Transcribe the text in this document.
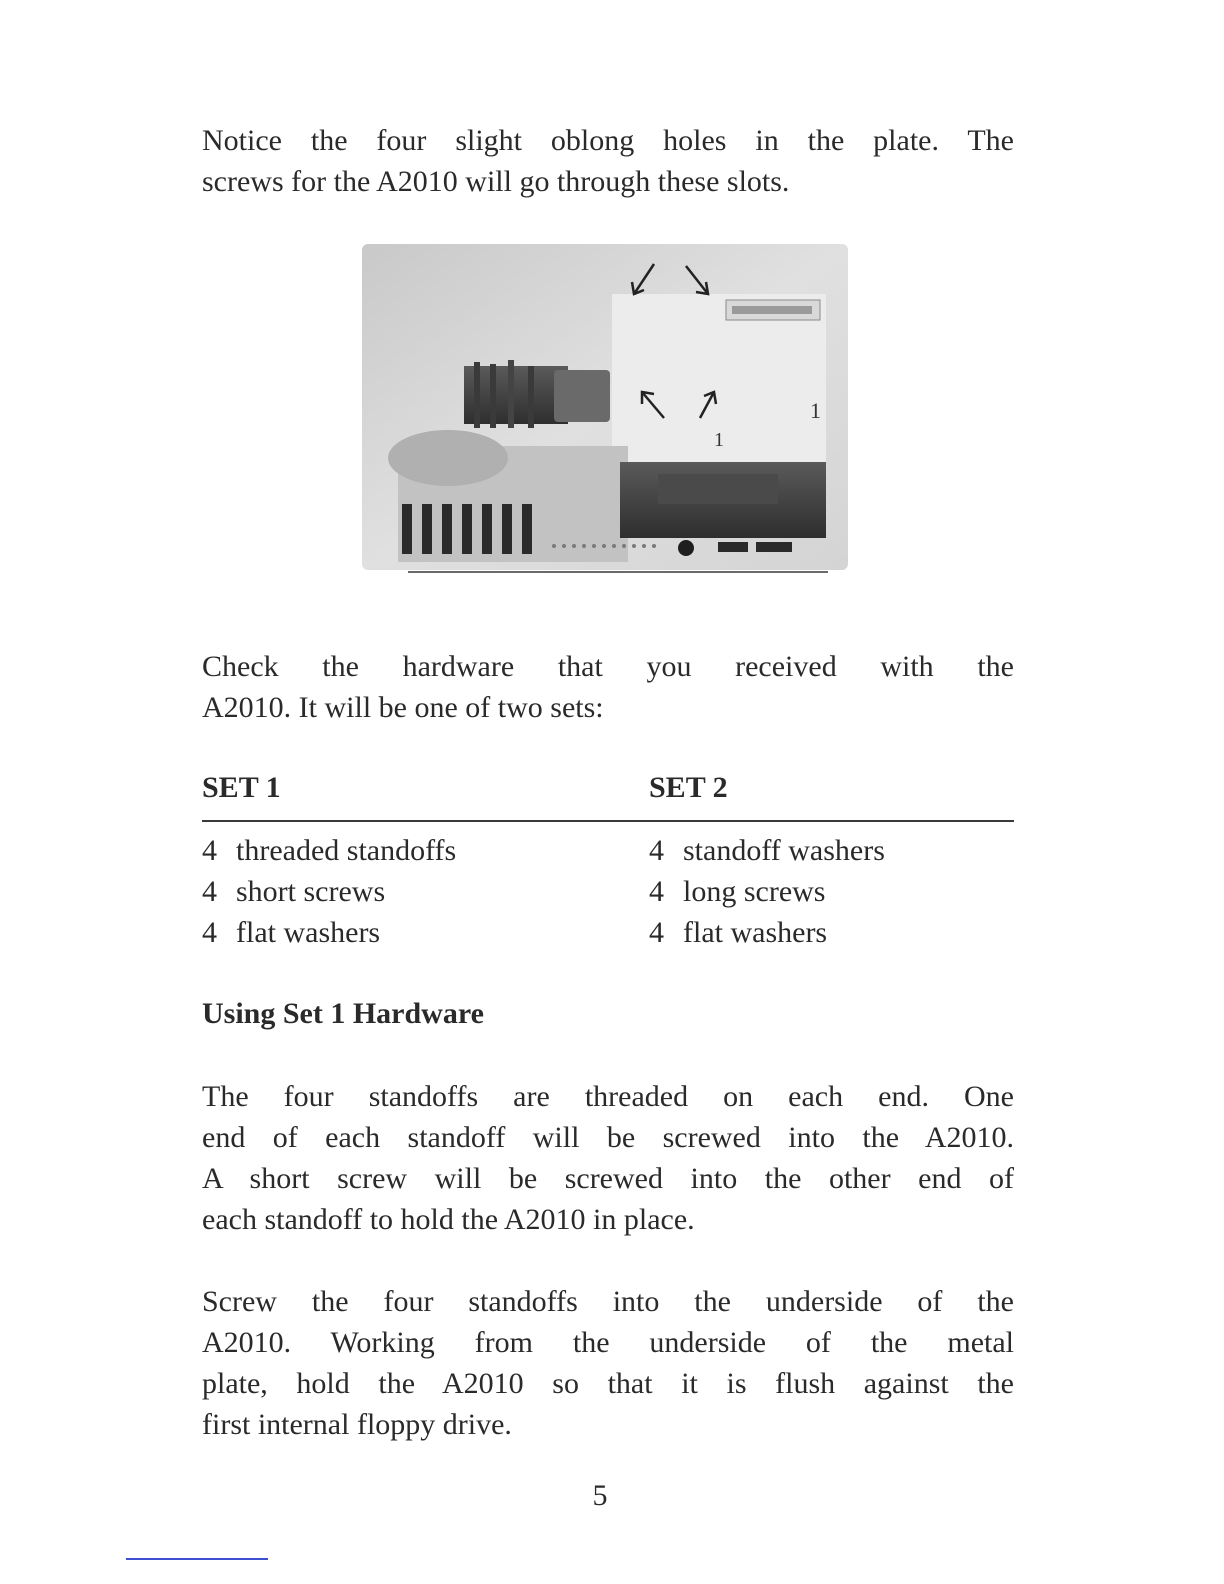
Notice the four slight oblong holes in the plate. The
screws for the A2010 will go through these slots.

1
1

Check the hardware that you received with the
A2010. It will be one of two sets:

SET 1	SET 2
4 threaded standoffs
4 short screws
4 flat washers
4 standoff washers
4 long screws
4 flat washers
Using Set 1 Hardware

The four standoffs are threaded on each end. One
end of each standoff will be screwed into the A2010.
A short screw will be screwed into the other end of
each standoff to hold the A2010 in place.

Screw the four standoffs into the underside of the
A2010. Working from the underside of the metal
plate, hold the A2010 so that it is flush against the
first internal floppy drive.

5
